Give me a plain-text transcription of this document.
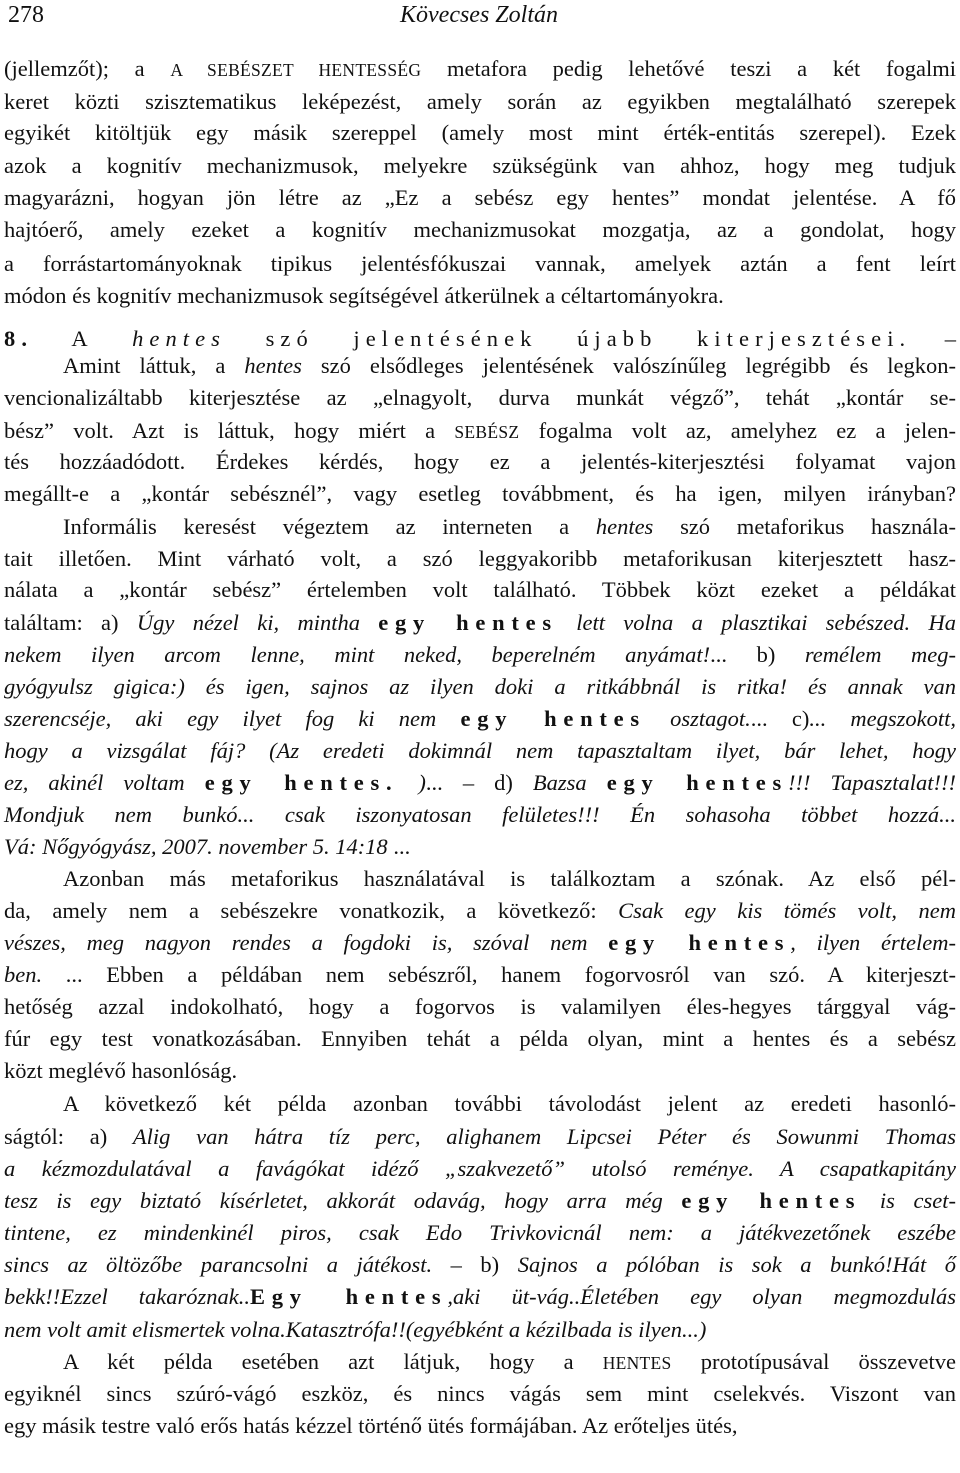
278	Kövecses Zoltán
(jellemzőt); a A SEBÉSZET HENTESSÉG metafora pedig lehetővé teszi a két fogalmi
keret közti szisztematikus leképezést, amely során az egyikben megtalálható szerepek
egyikét kitöltjük egy másik szereppel (amely most mint érték-entitás szerepel). Ezek
azok a kognitív mechanizmusok, melyekre szükségünk van ahhoz, hogy meg tudjuk
magyarázni, hogyan jön létre az „Ez a sebész egy hentes” mondat jelentése. A fő
hajtóerő, amely ezeket a kognitív mechanizmusokat mozgatja, az a gondolat, hogy
a forrástartományoknak tipikus jelentésfókuszai vannak, amelyek aztán a fent leírt
módon és kognitív mechanizmusok segítségével átkerülnek a céltartományokra.
8. A hentes szó jelentésének újabb kiterjesztései. –
Amint láttuk, a hentes szó elsődleges jelentésének valószínűleg legrégibb és legkon-
vencionalizáltabb kiterjesztése az „elnagyolt, durva munkát végző”, tehát „kontár se-
bész” volt. Azt is láttuk, hogy miért a SEBÉSZ fogalma volt az, amelyhez ez a jelen-
tés hozzáadódott. Érdekes kérdés, hogy ez a jelentés-kiterjesztési folyamat vajon
megállt-e a „kontár sebésznél”, vagy esetleg továbbment, és ha igen, milyen irányban?
Informális keresést végeztem az interneten a hentes szó metaforikus használa-
tait illetően. Mint várható volt, a szó leggyakoribb metaforikusan kiterjesztett hasz-
nálata a „kontár sebész” értelemben volt található. Többek közt ezeket a példákat
találtam: a) Úgy nézel ki, mintha egy hentes lett volna a plasztikai sebészed. Ha
nekem ilyen arcom lenne, mint neked, beperelném anyámat!... b) remélem meg-
gyógyulsz gigica:) és igen, sajnos az ilyen doki a ritkábbnál is ritka! és annak van
szerencséje, aki egy ilyet fog ki nem egy hentes osztagot.... c)... megszokott,
hogy a vizsgálat fáj? (Az eredeti dokimnál nem tapasztaltam ilyet, bár lehet, hogy
ez, akinél voltam egy hentes. )... – d) Bazsa egy hentes!!! Tapasztalat!!!
Mondjuk nem bunkó... csak iszonyatosan felületes!!! Én sohasoha többet hozzá...
Vá: Nőgyógyász, 2007. november 5. 14:18 ...
Azonban más metaforikus használatával is találkoztam a szónak. Az első pél-
da, amely nem a sebészekre vonatkozik, a következő: Csak egy kis tömés volt, nem
vészes, meg nagyon rendes a fogdoki is, szóval nem egy hentes, ilyen értelem-
ben. ... Ebben a példában nem sebészről, hanem fogorvosról van szó. A kiterjeszt-
hetőség azzal indokolható, hogy a fogorvos is valamilyen éles-hegyes tárggyal vág-
fúr egy test vonatkozásában. Ennyiben tehát a példa olyan, mint a hentes és a sebész
közt meglévő hasonlóság.
A következő két példa azonban további távolodást jelent az eredeti hasonló-
ságtól: a) Alig van hátra tíz perc, alighanem Lipcsei Péter és Sowunmi Thomas
a kézmozdulatával a favágókat idéző „szakvezető” utolsó reménye. A csapatkapitány
tesz is egy biztató kísérletet, akkorát odavág, hogy arra még egy hentes is cset-
tintene, ez mindenkinél piros, csak Edo Trivkovicnál nem: a játékvezetőnek eszébe
sincs az öltözőbe parancsolni a játékost. – b) Sajnos a pólóban is sok a bunkó!Hát ő
bekk!!Ezzel takaróznak..Egy hentes,aki üt-vág..Életében egy olyan megmozdulás
nem volt amit elismertek volna.Katasztrófa!!(egyébként a kézilbada is ilyen...)
A két példa esetében azt látjuk, hogy a HENTES prototípusával összevetve
egyiknél sincs szúró-vágó eszköz, és nincs vágás sem mint cselekvés. Viszont van
egy másik testre való erős hatás kézzel történő ütés formájában. Az erőteljes ütés,
